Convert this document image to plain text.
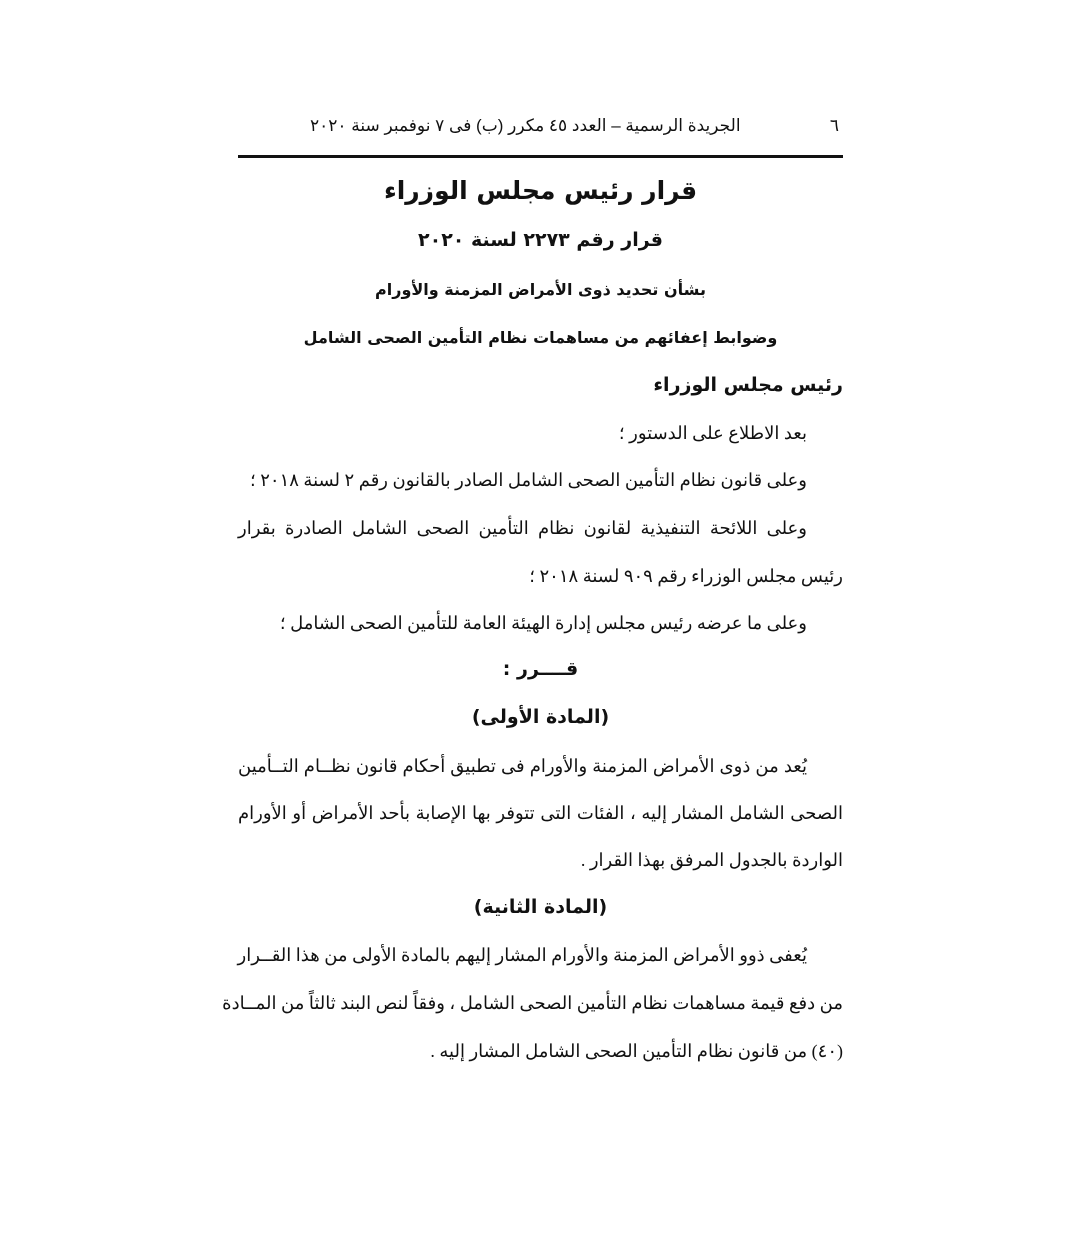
٦
الجريدة الرسمية – العدد ٤٥ مكرر (ب) فى ٧ نوفمبر سنة ٢٠٢٠
قرار رئيس مجلس الوزراء
قرار رقم ٢٢٧٣ لسنة ٢٠٢٠
بشأن تحديد ذوى الأمراض المزمنة والأورام
وضوابط إعفائهم من مساهمات نظام التأمين الصحى الشامل
رئيس مجلس الوزراء
بعد الاطلاع على الدستور ؛
وعلى قانون نظام التأمين الصحى الشامل الصادر بالقانون رقم ٢ لسنة ٢٠١٨ ؛
وعلى اللائحة التنفيذية لقانون نظام التأمين الصحى الشامل الصادرة بقرار
رئيس مجلس الوزراء رقم ٩٠٩ لسنة ٢٠١٨ ؛
وعلى ما عرضه رئيس مجلس إدارة الهيئة العامة للتأمين الصحى الشامل ؛
قــــرر :
(المادة الأولى)
يُعد من ذوى الأمراض المزمنة والأورام فى تطبيق أحكام قانون نظــام التــأمين
الصحى الشامل المشار إليه ، الفئات التى تتوفر بها الإصابة بأحد الأمراض أو الأورام
الواردة بالجدول المرفق بهذا القرار .
(المادة الثانية)
يُعفى ذوو الأمراض المزمنة والأورام المشار إليهم بالمادة الأولى من هذا القــرار
من دفع قيمة مساهمات نظام التأمين الصحى الشامل ، وفقاً لنص البند ثالثاً من المــادة
(٤٠) من قانون نظام التأمين الصحى الشامل المشار إليه .
